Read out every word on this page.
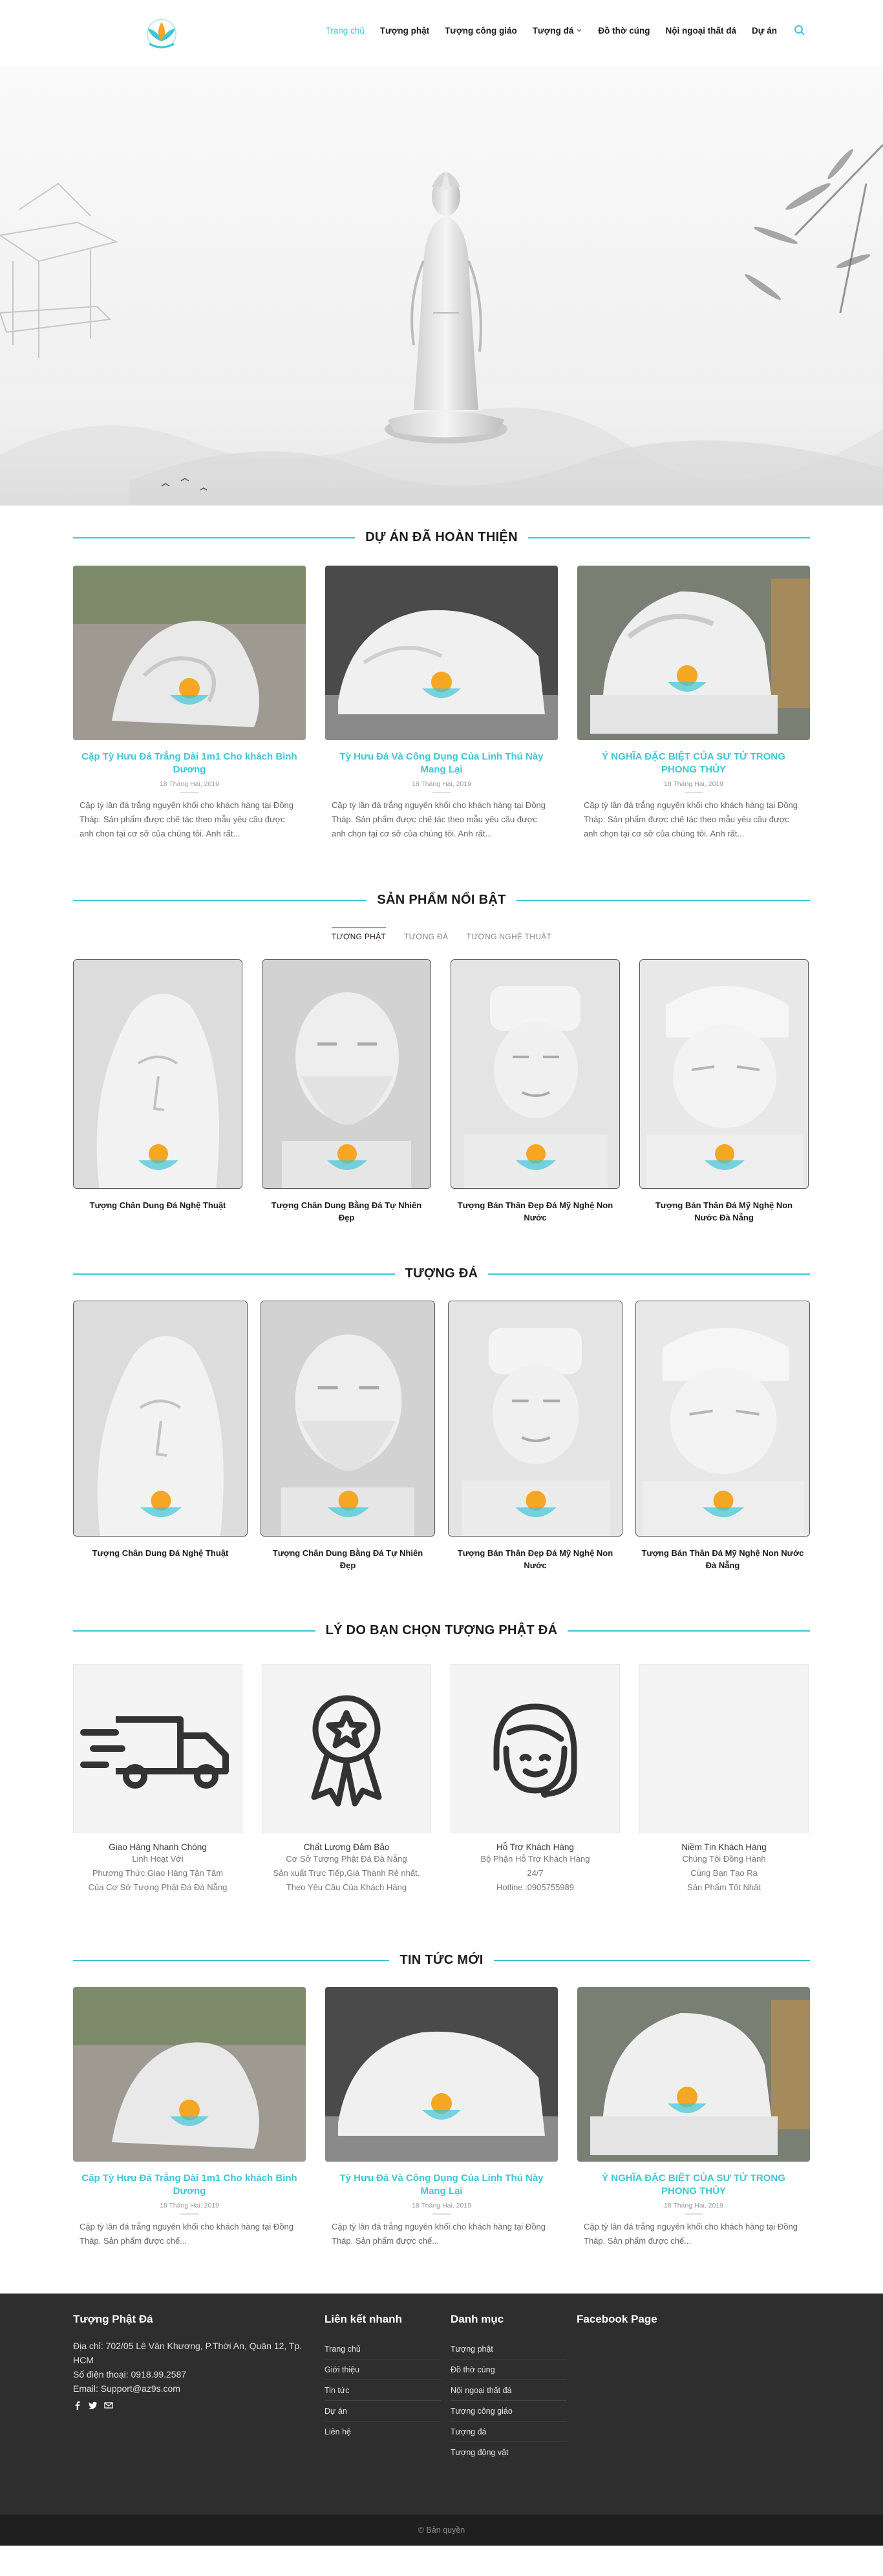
Trang chủ Tượng phật Tượng công giáo Tượng đá	Đồ thờ cúng Nội ngoại thất đá Dự án
DỰ ÁN ĐÃ HOÀN THIỆN
Cặp Tỳ Hưu Đá Trắng Dài 1m1 Cho khách Bình Dương
18 Tháng Hai, 2019

Cặp tỳ lân đá trắng nguyên khối cho khách hàng tại Đồng Tháp. Sản phẩm được chế tác theo mẫu yêu cầu được anh chọn tại cơ sở của chúng tôi. Anh rất...

Tỳ Hưu Đá Và Công Dụng Của Linh Thú Này Mang Lại
18 Tháng Hai, 2019

Cặp tỳ lân đá trắng nguyên khối cho khách hàng tại Đồng Tháp. Sản phẩm được chế tác theo mẫu yêu cầu được anh chọn tại cơ sở của chúng tôi. Anh rất...

Ý NGHĨA ĐẶC BIỆT CỦA SƯ TỬ TRONG PHONG THỦY
18 Tháng Hai, 2019

Cặp tỳ lân đá trắng nguyên khối cho khách hàng tại Đồng Tháp. Sản phẩm được chế tác theo mẫu yêu cầu được anh chọn tại cơ sở của chúng tôi. Anh rất...

SẢN PHẨM NỔI BẬT
TƯỢNG PHẬT TƯỢNG ĐÁ TƯỢNG NGHỆ THUẬT
Tượng Chân Dung Đá Nghệ Thuật	Tượng Chân Dung Bằng Đá Tự Nhiên Đẹp
Tượng Bán Thân Đẹp Đá Mỹ Nghệ Non Nước
Tượng Bán Thân Đá Mỹ Nghệ Non Nước Đà Nẵng
TƯỢNG ĐÁ
Tượng Chân Dung Đá Nghệ Thuật	Tượng Chân Dung Bằng Đá Tự Nhiên Đẹp
Tượng Bán Thân Đẹp Đá Mỹ Nghệ Non Nước
Tượng Bán Thân Đá Mỹ Nghệ Non Nước Đà Nẵng
LÝ DO BẠN CHỌN TƯỢNG PHẬT ĐÁ
Giao Hàng Nhanh Chóng

Linh Hoạt Với

Phương Thức Giao Hàng Tận Tâm

Của Cơ Sở Tượng Phật Đá Đà Nẵng

Chất Lượng Đảm Bảo

Cơ Sở Tượng Phật Đá Đà Nẵng

Sản xuất Trực Tiếp,Giá Thành Rẻ nhất.

Theo Yêu Cầu Của Khách Hàng

Hỗ Trợ Khách Hàng

Bộ Phận Hỗ Trợ Khách Hàng

24/7

Hotline :0905755989

Niềm Tin Khách Hàng

Chúng Tôi Đồng Hành

Cùng Bạn Tạo Ra

Sản Phẩm Tốt Nhất

TIN TỨC MỚI
Cặp Tỳ Hưu Đá Trắng Dài 1m1 Cho khách Bình Dương
18 Tháng Hai, 2019

Cặp tỳ lân đá trắng nguyên khối cho khách hàng tại Đồng Tháp. Sản phẩm được chế...

Tỳ Hưu Đá Và Công Dụng Của Linh Thú Này Mang Lại
18 Tháng Hai, 2019

Cặp tỳ lân đá trắng nguyên khối cho khách hàng tại Đồng Tháp. Sản phẩm được chế...

Ý NGHĨA ĐẶC BIỆT CỦA SƯ TỬ TRONG PHONG THỦY
18 Tháng Hai, 2019

Cặp tỳ lân đá trắng nguyên khối cho khách hàng tại Đồng Tháp. Sản phẩm được chế...

Tượng Phật Đá
Địa chỉ: 702/05 Lê Văn Khương, P.Thới An, Quận 12, Tp. HCM
Số điện thoại: 0918.99.2587
Email: Support@az9s.com
Liên kết nhanh
Trang chủ
Giới thiệu
Tin tức
Dự án
Liên hệ
Danh mục
Tượng phật
Đồ thờ cúng
Nội ngoại thất đá
Tượng công giáo
Tượng đá
Tượng động vật
Facebook Page
© Bản quyền
